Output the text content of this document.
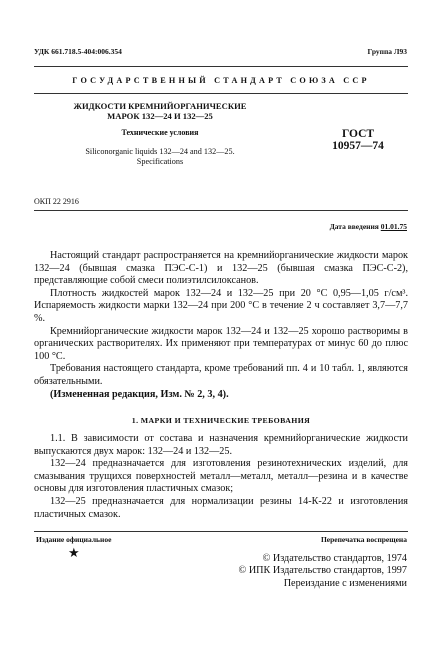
УДК 661.718.5-404:006.354	Группа Л93
ГОСУДАРСТВЕННЫЙ СТАНДАРТ СОЮЗА ССР
ЖИДКОСТИ КРЕМНИЙОРГАНИЧЕСКИЕ
МАРОК 132—24 И 132—25
Технические условия
Siliconorganic liquids 132—24 and 132—25.
Specifications
ГОСТ
10957—74
ОКП 22 2916
Дата введения 01.01.75

Настоящий стандарт распространяется на кремнийорганические жидкости марок 132—24 (бывшая смазка ПЭС-С-1) и 132—25 (бывшая смазка ПЭС-С-2), представляющие собой смеси полиэтилсилоксанов.

Плотность жидкостей марок 132—24 и 132—25 при 20 °С 0,95—1,05 г/см³. Испаряемость жидкости марки 132—24 при 200 °С в течение 2 ч составляет 3,7—7,7 %.

Кремнийорганические жидкости марок 132—24 и 132—25 хорошо растворимы в органических растворителях. Их применяют при температурах от минус 60 до плюс 100 °С.

Требования настоящего стандарта, кроме требований пп. 4 и 10 табл. 1, являются обязательными.

(Измененная редакция, Изм. № 2, 3, 4).

1. МАРКИ И ТЕХНИЧЕСКИЕ ТРЕБОВАНИЯ

1.1. В зависимости от состава и назначения кремнийорганические жидкости выпускаются двух марок: 132—24 и 132—25.

132—24 предназначается для изготовления резинотехнических изделий, для смазывания трущихся поверхностей металл—металл, металл—резина и в качестве основы для изготовления пластичных смазок;

132—25 предназначается для нормализации резины 14-К-22 и изготовления пластичных смазок.

Издание официальное	Перепечатка воспрещена
★	© Издательство стандартов, 1974
© ИПК Издательство стандартов, 1997
Переиздание с изменениями
